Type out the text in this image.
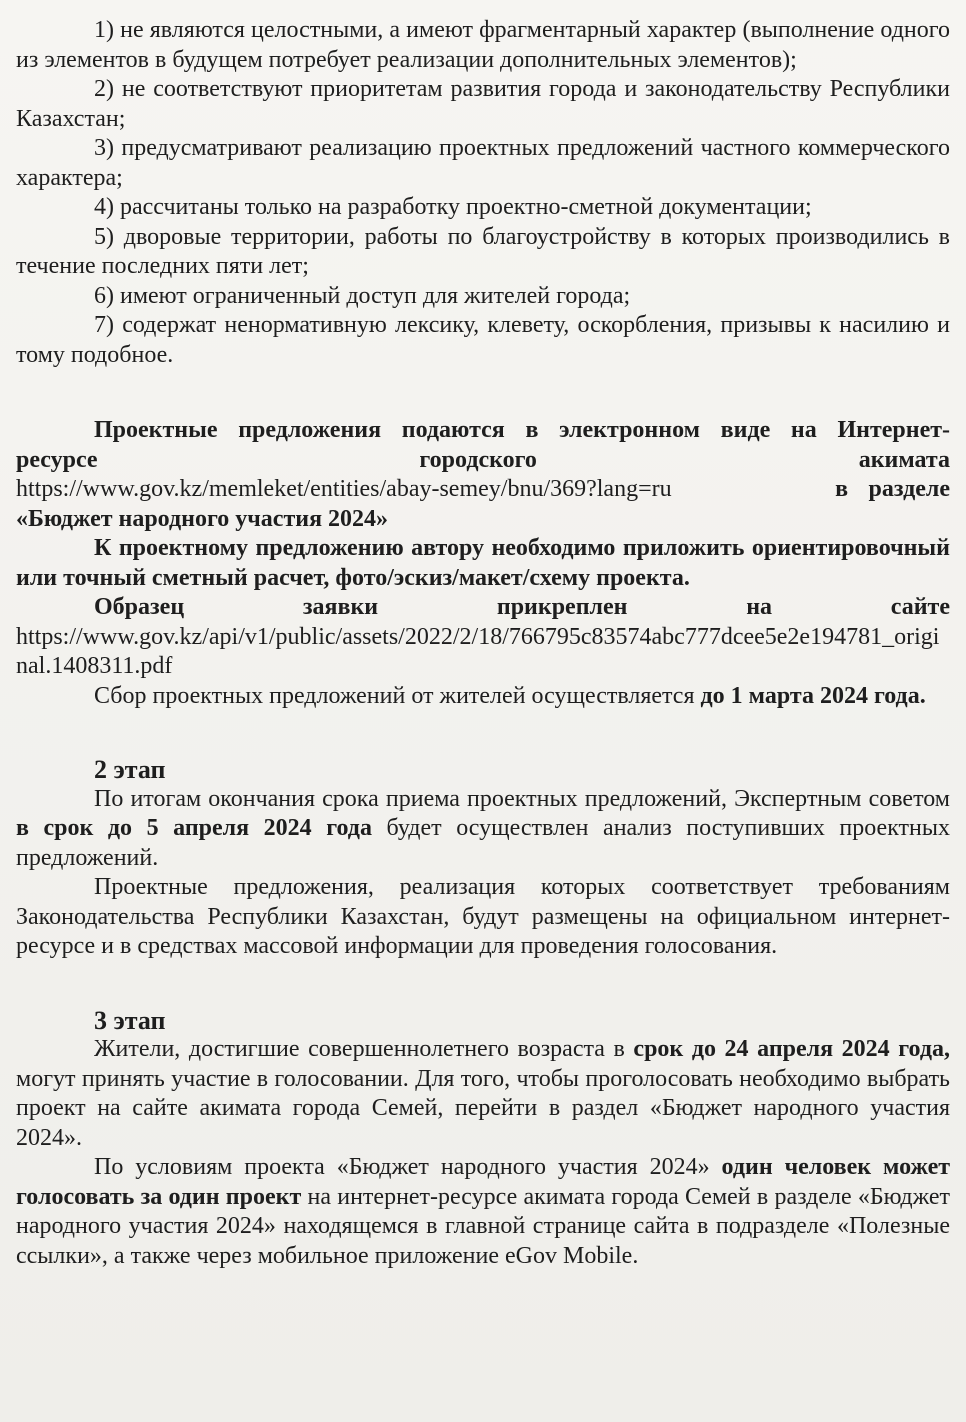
1) не являются целостными, а имеют фрагментарный характер (выполнение одного из элементов в будущем потребует реализации дополнительных элементов);

2) не соответствуют приоритетам развития города и законодательству Республики Казахстан;

3) предусматривают реализацию проектных предложений частного коммерческого характера;

4) рассчитаны только на разработку проектно-сметной документации;

5) дворовые территории, работы по благоустройству в которых производились в течение последних пяти лет;

6) имеют ограниченный доступ для жителей города;

7) содержат ненормативную лексику, клевету, оскорбления, призывы к насилию и тому подобное.

Проектные предложения подаются в электронном виде на Интернет-

ресурсе городского акимата

https://www.gov.kz/memleket/entities/abay-semey/bnu/369?lang=ru	в разделе

«Бюджет народного участия 2024»

К проектному предложению автору необходимо приложить ориентировочный или точный сметный расчет, фото/эскиз/макет/схему проекта.

Образец заявки прикреплен на сайте

https://www.gov.kz/api/v1/public/assets/2022/2/18/766795c83574abc777dcee5e2e194781_original.1408311.pdf

Сбор проектных предложений от жителей осуществляется до 1 марта 2024 года.

2 этап

По итогам окончания срока приема проектных предложений, Экспертным советом в срок до 5 апреля 2024 года будет осуществлен анализ поступивших проектных предложений.

Проектные предложения, реализация которых соответствует требованиям Законодательства Республики Казахстан, будут размещены на официальном интернет-ресурсе и в средствах массовой информации для проведения голосования.

3 этап

Жители, достигшие совершеннолетнего возраста в срок до 24 апреля 2024 года, могут принять участие в голосовании. Для того, чтобы проголосовать необходимо выбрать проект на сайте акимата города Семей, перейти в раздел «Бюджет народного участия 2024».

По условиям проекта «Бюджет народного участия 2024» один человек может голосовать за один проект на интернет-ресурсе акимата города Семей в разделе «Бюджет народного участия 2024» находящемся в главной странице сайта в подразделе «Полезные ссылки», а также через мобильное приложение eGov Mobile.
